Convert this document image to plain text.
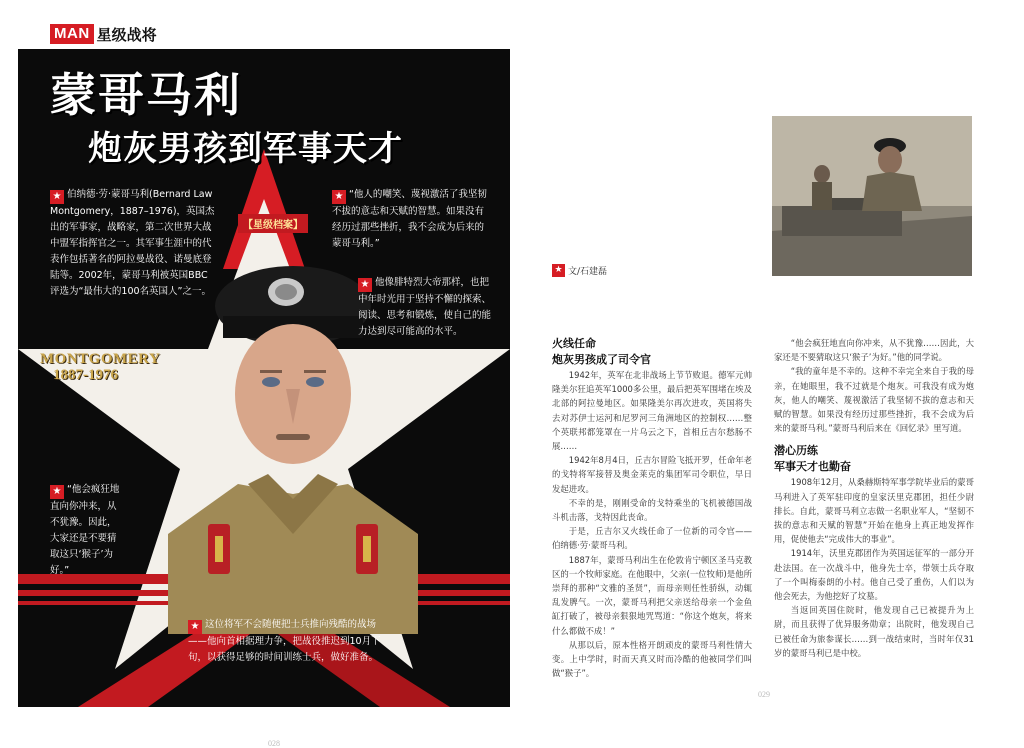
MAN 星级战将
蒙哥马利
炮灰男孩到军事天才
【星级档案】
MONTGOMERY
1887-1976
★ 伯纳德·劳·蒙哥马利(Bernard Law Montgomery，1887–1976)，英国杰出的军事家，战略家，第二次世界大战中盟军指挥官之一。其军事生涯中的代表作包括著名的阿拉曼战役、诺曼底登陆等。2002年，蒙哥马利被英国BBC评选为“最伟大的100名英国人”之一。
★ “他人的嘲笑、蔑视激活了我坚韧不拔的意志和天赋的智慧。如果没有经历过那些挫折，我不会成为后来的蒙哥马利。”
★ 他像腓特烈大帝那样，也把中年时光用于坚持不懈的探索、阅读、思考和锻炼，使自己的能力达到尽可能高的水平。
★ “他会疯狂地直向你冲来，从不犹豫。因此，大家还是不要猜取这只‘猴子’为好。”
★ 这位将军不会随便把士兵推向残酷的战场——他向首相据理力争，把战役推迟到10月下旬，以获得足够的时间训练士兵，做好准备。
028
★ 文/石建磊
火线任命
炮灰男孩成了司令官

1942年，英军在北非战场上节节败退。德军元帅隆美尔狂追英军1000多公里，最后把英军围堵在埃及北部的阿拉曼地区。如果隆美尔再次进攻，英国将失去对苏伊士运河和尼罗河三角洲地区的控制权……整个英联邦都笼罩在一片乌云之下，首相丘吉尔愁肠不展……

1942年8月4日，丘吉尔冒险飞抵开罗，任命年老的戈特将军接替及奥金莱克的集团军司令职位，早日发起进攻。

不幸的是，刚刚受命的戈特乘坐的飞机被德国战斗机击落，戈特因此丧命。

于是，丘吉尔又火线任命了一位新的司令官——伯纳德·劳·蒙哥马利。

1887年，蒙哥马利出生在伦敦肯宁顿区圣马克教区的一个牧师家庭。在他眼中，父亲(一位牧师)是他所崇拜的那种“文雅的圣贤”，而母亲则任性骄纵，动辄乱发脾气。一次，蒙哥马利把父亲送给母亲一个金鱼缸打破了，被母亲狠狠地咒骂道：“你这个炮灰，将来什么都做不成！”

从那以后，原本性格开朗顽皮的蒙哥马利性情大变。上中学时，时而天真又时而冷酷的他被同学们叫做“猴子”。

“他会疯狂地直向你冲来，从不犹豫……因此，大家还是不要猜取这只‘猴子’为好。”他的同学说。

“我的童年是不幸的。这种不幸完全来自于我的母亲，在她眼里，我不过就是个炮灰。可我没有成为炮灰，他人的嘲笑、蔑视激活了我坚韧不拔的意志和天赋的智慧。如果没有经历过那些挫折，我不会成为后来的蒙哥马利。”蒙哥马利后来在《回忆录》里写道。

潜心历练
军事天才也勤奋

1908年12月，从桑赫斯特军事学院毕业后的蒙哥马利进入了英军驻印度的皇家沃里克郡团，担任少尉排长。自此，蒙哥马利立志做一名职业军人，“坚韧不拔的意志和天赋的智慧”开始在他身上真正地发挥作用，促使他去“完成伟大的事业”。

1914年，沃里克郡团作为英国远征军的一部分开赴法国。在一次战斗中，他身先士卒，带领士兵夺取了一个叫梅泰朗的小村。他自己受了重伤，人们以为他会死去，为他挖好了坟墓。

当返回英国住院时，他发现自己已被提升为上尉，而且获得了优异服务勋章；出院时，他发现自己已被任命为旅参谋长……到一战结束时，当时年仅31岁的蒙哥马利已是中校。

029
